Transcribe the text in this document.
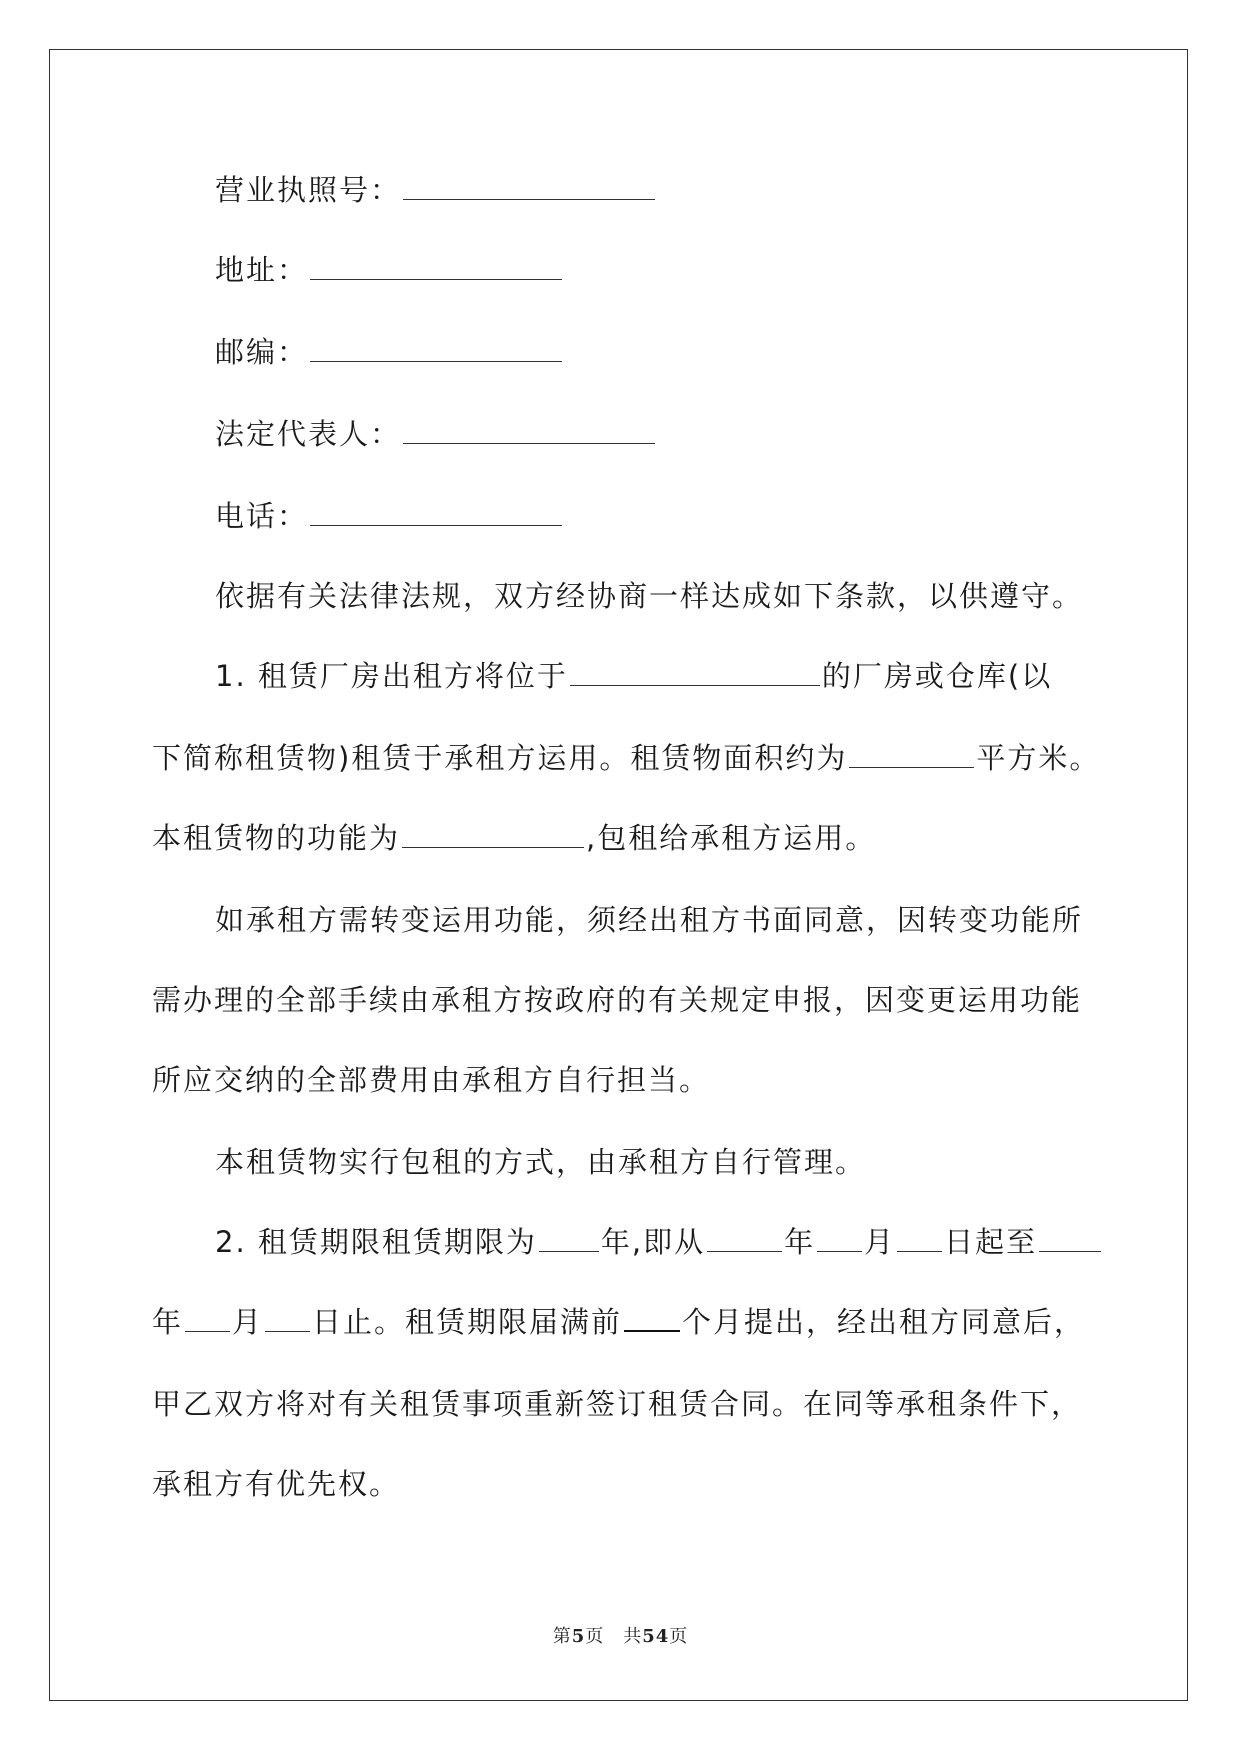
营业执照号：
地址：
邮编：
法定代表人：
电话：
依据有关法律法规，双方经协商一样达成如下条款，以供遵守。
1. 租赁厂房出租方将位于	的厂房或仓库(以
下简称租赁物)租赁于承租方运用。租赁物面积约为	平方米。
本租赁物的功能为	,包租给承租方运用。
如承租方需转变运用功能，须经出租方书面同意，因转变功能所
需办理的全部手续由承租方按政府的有关规定申报，因变更运用功能
所应交纳的全部费用由承租方自行担当。
本租赁物实行包租的方式，由承租方自行管理。
2. 租赁期限租赁期限为 年,即从	年 月 日起至
年 月 日止。租赁期限届满前 个月提出，经出租方同意后，
甲乙双方将对有关租赁事项重新签订租赁合同。在同等承租条件下，
承租方有优先权。
第5页　共54页
